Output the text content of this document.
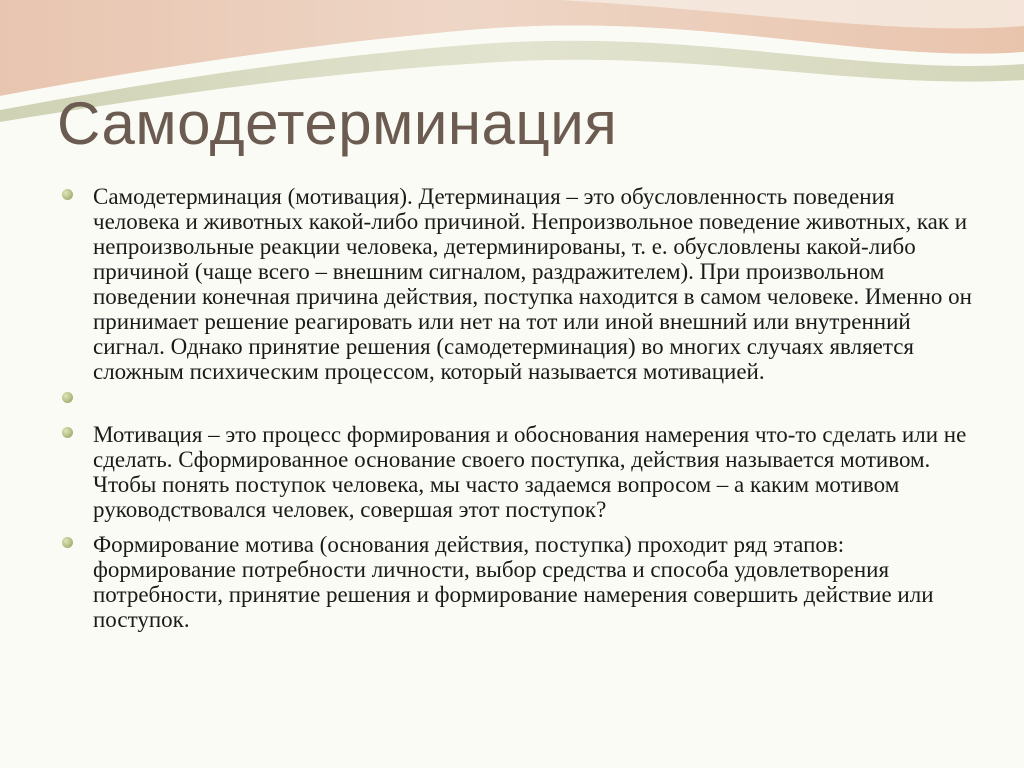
Самодетерминация
Самодетерминация (мотивация). Детерминация – это обусловленность поведения человека и животных какой-либо причиной. Непроизвольное поведение животных, как и непроизвольные реакции человека, детерминированы, т. е. обусловлены какой-либо причиной (чаще всего – внешним сигналом, раздражителем). При произвольном поведении конечная причина действия, поступка находится в самом человеке. Именно он принимает решение реагировать или нет на тот или иной внешний или внутренний сигнал. Однако принятие решения (самодетерминация) во многих случаях является сложным психическим процессом, который называется мотивацией.
Мотивация – это процесс формирования и обоснования намерения что-то сделать или не сделать. Сформированное основание своего поступка, действия называется мотивом. Чтобы понять поступок человека, мы часто задаемся вопросом – а каким мотивом руководствовался человек, совершая этот поступок?
Формирование мотива (основания действия, поступка) проходит ряд этапов: формирование потребности личности, выбор средства и способа удовлетворения потребности, принятие решения и формирование намерения совершить действие или поступок.
